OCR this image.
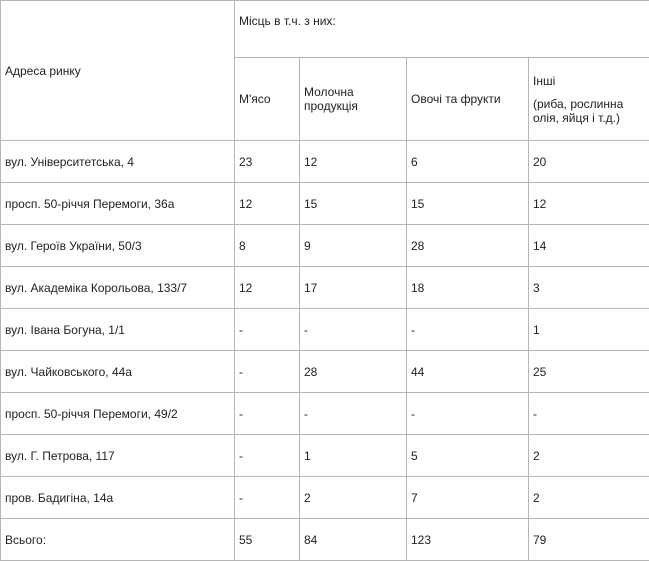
Адреса ринку	Місць в т.ч. з них:			
	М'ясо	Молочна продукція	Овочі та фрукти	Інші
(риба, рослинна олія, яйця і т.д.)

вул. Університетська, 4	23	12	6	20
просп. 50-річчя Перемоги, 36а	12	15	15	12
вул. Героїв України, 50/3	8	9	28	14
вул. Академіка Корольова, 133/7	12	17	18	3
вул. Івана Богуна, 1/1	-	-	-	1
вул. Чайковського, 44а	-	28	44	25
просп. 50-річчя Перемоги, 49/2	-	-	-	-
вул. Г. Петрова, 117	-	1	5	2
пров. Бадигіна, 14а	-	2	7	2
Всього:	55	84	123	79
